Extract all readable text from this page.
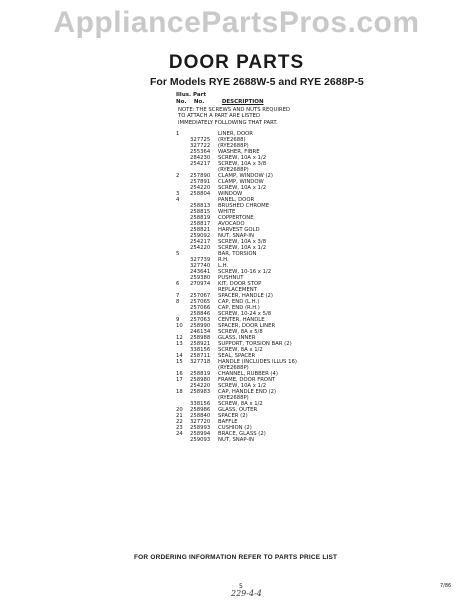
AppliancePartsPros.com
DOOR PARTS
For Models RYE 2688W-5 and RYE 2688P-5
Illus. Part
No. No.	DESCRIPTION
NOTE: THE SCREWS AND NUTS REQUIRED
TO ATTACH A PART ARE LISTED
IMMEDIATELY FOLLOWING THAT PART.
1	LINER, DOOR
327725	(RYE2688)
327722	(RYE2688P)
255364	WASHER, FIBRE
284230	SCREW, 10A x 1/2
254217	SCREW, 10A x 3/8
(RYE2688P)
2	257890	CLAMP, WINDOW (2)
257891	CLAMP, WINDOW
254220	SCREW, 10A x 1/2
3	258804	WINDOW
4	PANEL, DOOR
258813	BRUSHED CHROME
258815	WHITE
258819	COPPERTONE
258817	AVOCADO
258821	HARVEST GOLD
259092	NUT, SNAP-IN
254217	SCREW, 10A x 3/8
254220	SCREW, 10A x 1/2
5	BAR, TORSION
327739	R.H.
327740	L.H.
243641	SCREW, 10-16 x 1/2
259380	PUSHNUT
6	270974	KIT, DOOR STOP
REPLACEMENT
7	257067	SPACER, HANDLE (2)
8	257065	CAP, END (L.H.)
257066	CAP, END (R.H.)
258846	SCREW, 10-24 x 5/8
9	257063	CENTER, HANDLE
10	258990	SPACER, DOOR LINER
246134	SCREW, 8A x 5/8
12	258988	GLASS, INNER
13	258921	SUPPORT, TORSION BAR (2)
338156	SCREW, 8A x 1/2
14	258711	SEAL, SPACER
15	327718	HANDLE (INCLUDES ILLUS 16)
(RYE2688P)
16	258819	CHANNEL, RUBBER (4)
17	258980	FRAME, DOOR FRONT
254220	SCREW, 10A x 1/2
18	258983	CAP, HANDLE END (2)
(RYE2688P)
338156	SCREW, 8A x 1/2
20	258986	GLASS, OUTER
21	258840	SPACER (2)
22	327720	BAFFLE
23	258993	CUSHION (2)
24	258994	BRACE, GLASS (2)
259093	NUT, SNAP-IN
FOR ORDERING INFORMATION REFER TO PARTS PRICE LIST
5	7/86
229-4-4
